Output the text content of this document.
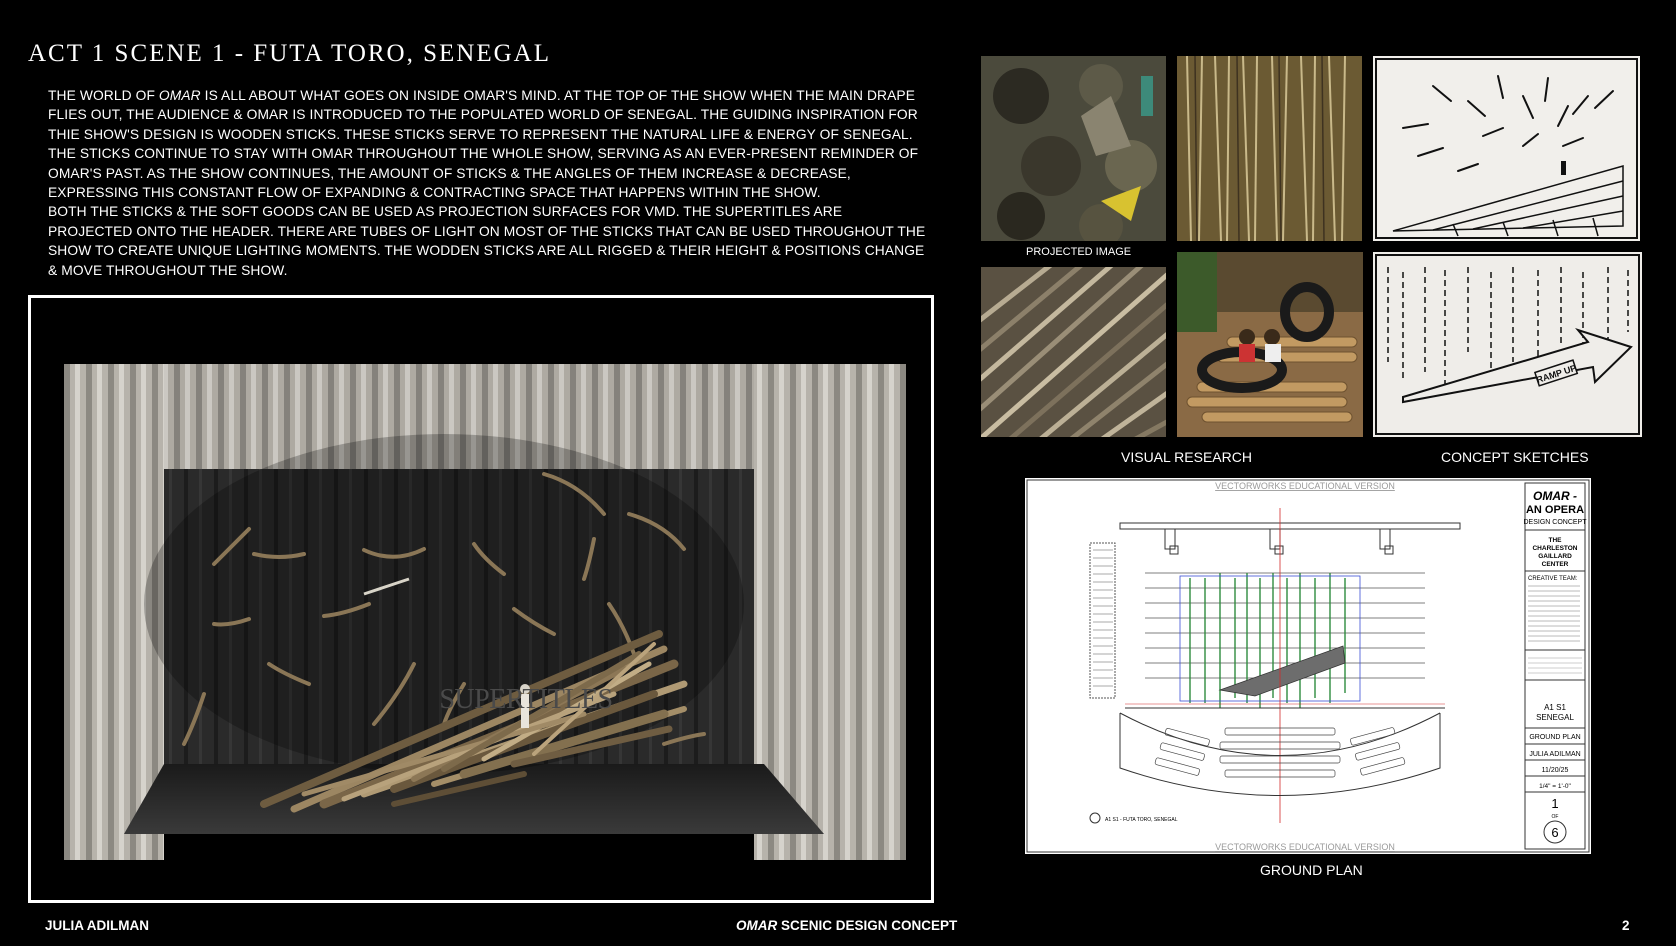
ACT 1 SCENE 1 - FUTA TORO, SENEGAL

THE WORLD OF OMAR IS ALL ABOUT WHAT GOES ON INSIDE OMAR'S MIND. AT THE TOP OF THE SHOW WHEN THE MAIN DRAPE FLIES OUT, THE AUDIENCE & OMAR IS INTRODUCED TO THE POPULATED WORLD OF SENEGAL. THE GUIDING INSPIRATION FOR THIE SHOW'S DESIGN IS WOODEN STICKS. THESE STICKS SERVE TO REPRESENT THE NATURAL LIFE & ENERGY OF SENEGAL. THE STICKS CONTINUE TO STAY WITH OMAR THROUGHOUT THE WHOLE SHOW, SERVING AS AN EVER-PRESENT REMINDER OF OMAR'S PAST. AS THE SHOW CONTINUES, THE AMOUNT OF STICKS & THE ANGLES OF THEM INCREASE & DECREASE, EXPRESSING THIS CONSTANT FLOW OF EXPANDING & CONTRACTING SPACE THAT HAPPENS WITHIN THE SHOW.

BOTH THE STICKS & THE SOFT GOODS CAN BE USED AS PROJECTION SURFACES FOR VMD. THE SUPERTITLES ARE PROJECTED ONTO THE HEADER. THERE ARE TUBES OF LIGHT ON MOST OF THE STICKS THAT CAN BE USED THROUGHOUT THE SHOW TO CREATE UNIQUE LIGHTING MOMENTS. THE WODDEN STICKS ARE ALL RIGGED & THEIR HEIGHT & POSITIONS CHANGE & MOVE THROUGHOUT THE SHOW.

SUPERTITLES
PROJECTED IMAGE
RAMP UP
VISUAL RESEARCH	CONCEPT SKETCHES
VECTORWORKS EDUCATIONAL VERSION
VECTORWORKS EDUCATIONAL VERSION
A1 S1 - FUTA TORO, SENEGAL
OMAR -
AN OPERA
DESIGN CONCEPT
THE
CHARLESTON
GAILLARD
CENTER
CREATIVE TEAM:
A1 S1
SENEGAL
GROUND PLAN
JULIA ADILMAN
11/20/25
1/4" = 1'-0"
1
OF
6
GROUND PLAN
JULIA ADILMAN	OMAR SCENIC DESIGN CONCEPT	2
